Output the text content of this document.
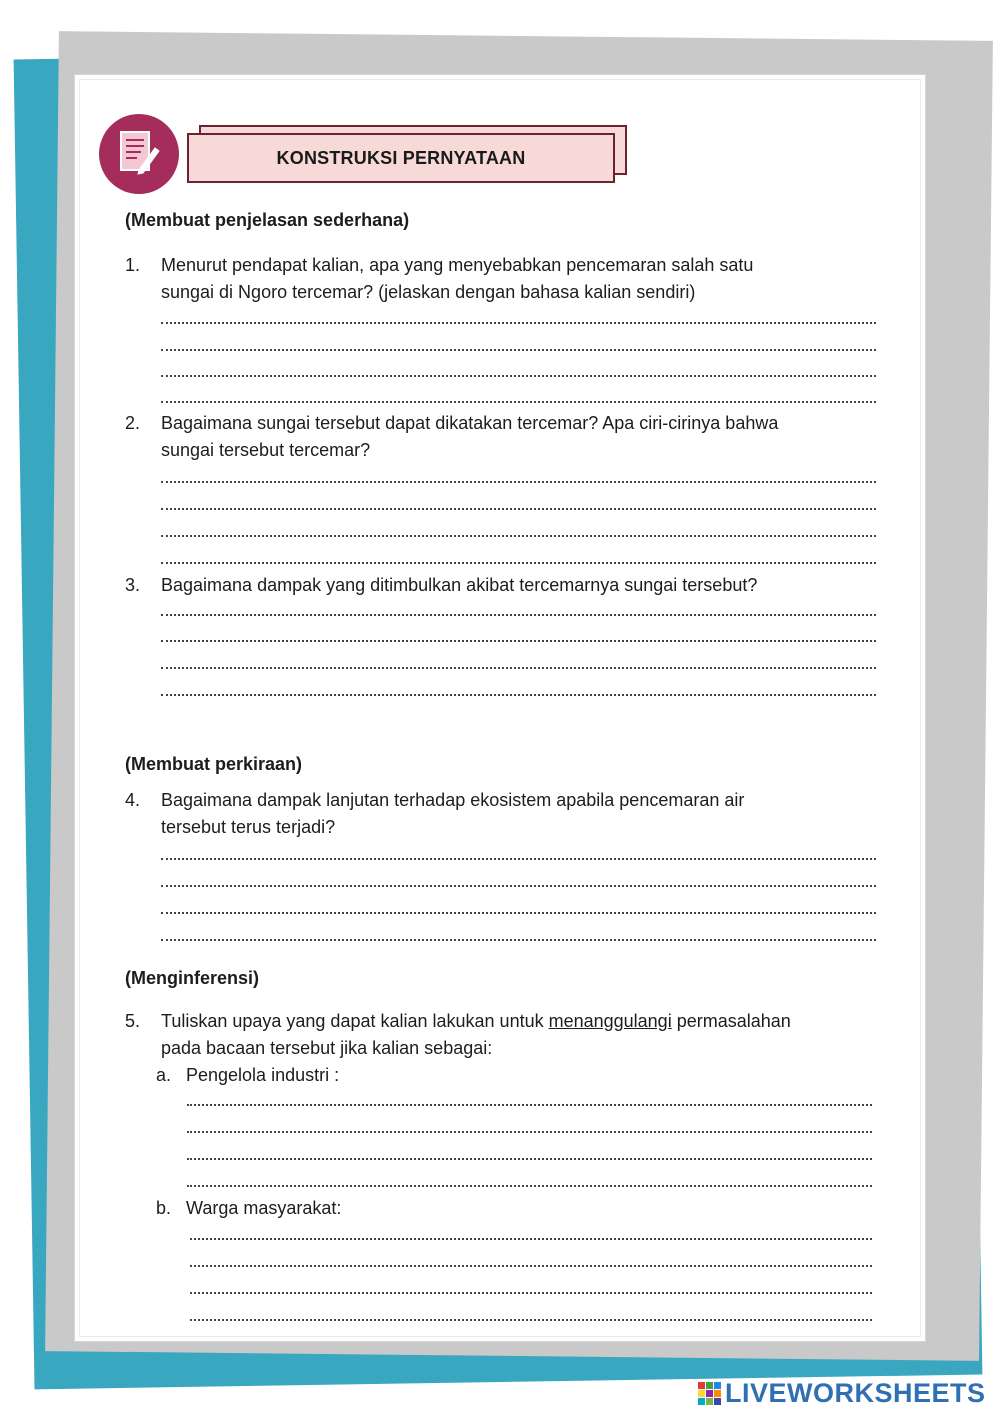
KONSTRUKSI PERNYATAAN
(Membuat penjelasan sederhana)
1. Menurut pendapat kalian, apa yang menyebabkan pencemaran salah satu
sungai di Ngoro tercemar? (jelaskan dengan bahasa kalian sendiri)
2. Bagaimana sungai tersebut dapat dikatakan tercemar? Apa ciri-cirinya bahwa
sungai tersebut tercemar?
3. Bagaimana dampak yang ditimbulkan akibat tercemarnya sungai tersebut?
(Membuat perkiraan)
4. Bagaimana dampak lanjutan terhadap ekosistem apabila pencemaran air
tersebut terus terjadi?
(Menginferensi)
5. Tuliskan upaya yang dapat kalian lakukan untuk menanggulangi permasalahan
pada bacaan tersebut jika kalian sebagai:
a. Pengelola industri :
b. Warga masyarakat:
LIVEWORKSHEETS
